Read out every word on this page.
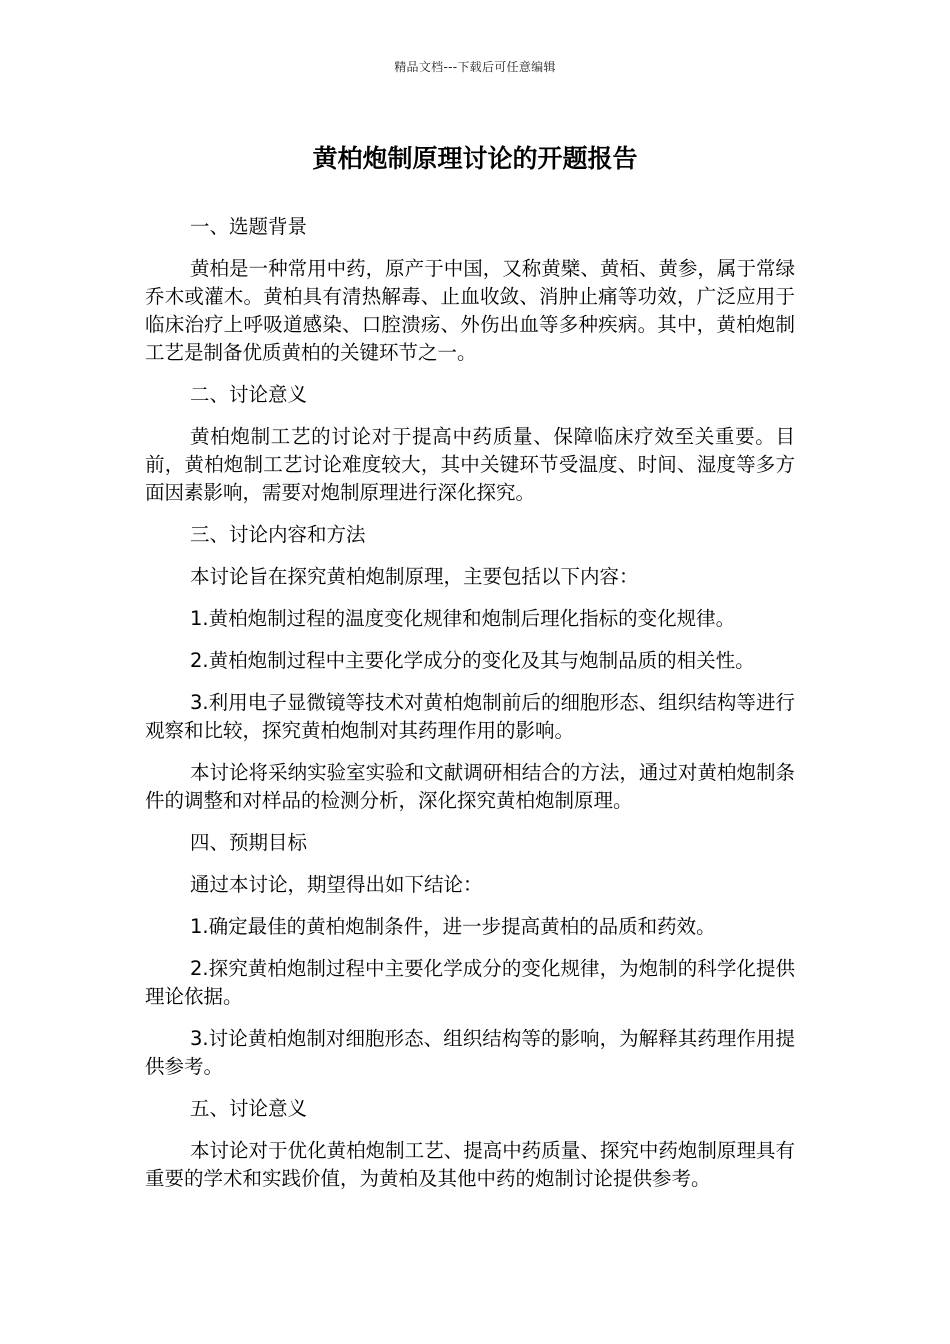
精品文档---下载后可任意编辑
黄柏炮制原理讨论的开题报告

一、选题背景

黄柏是一种常用中药，原产于中国，又称黄檗、黄栢、黄参，属于常绿乔木或灌木。黄柏具有清热解毒、止血收敛、消肿止痛等功效，广泛应用于临床治疗上呼吸道感染、口腔溃疡、外伤出血等多种疾病。其中，黄柏炮制工艺是制备优质黄柏的关键环节之一。

二、讨论意义

黄柏炮制工艺的讨论对于提高中药质量、保障临床疗效至关重要。目前，黄柏炮制工艺讨论难度较大，其中关键环节受温度、时间、湿度等多方面因素影响，需要对炮制原理进行深化探究。

三、讨论内容和方法

本讨论旨在探究黄柏炮制原理，主要包括以下内容：

1.黄柏炮制过程的温度变化规律和炮制后理化指标的变化规律。

2.黄柏炮制过程中主要化学成分的变化及其与炮制品质的相关性。

3.利用电子显微镜等技术对黄柏炮制前后的细胞形态、组织结构等进行观察和比较，探究黄柏炮制对其药理作用的影响。

本讨论将采纳实验室实验和文献调研相结合的方法，通过对黄柏炮制条件的调整和对样品的检测分析，深化探究黄柏炮制原理。

四、预期目标

通过本讨论，期望得出如下结论：

1.确定最佳的黄柏炮制条件，进一步提高黄柏的品质和药效。

2.探究黄柏炮制过程中主要化学成分的变化规律，为炮制的科学化提供理论依据。

3.讨论黄柏炮制对细胞形态、组织结构等的影响，为解释其药理作用提供参考。

五、讨论意义

本讨论对于优化黄柏炮制工艺、提高中药质量、探究中药炮制原理具有重要的学术和实践价值，为黄柏及其他中药的炮制讨论提供参考。
